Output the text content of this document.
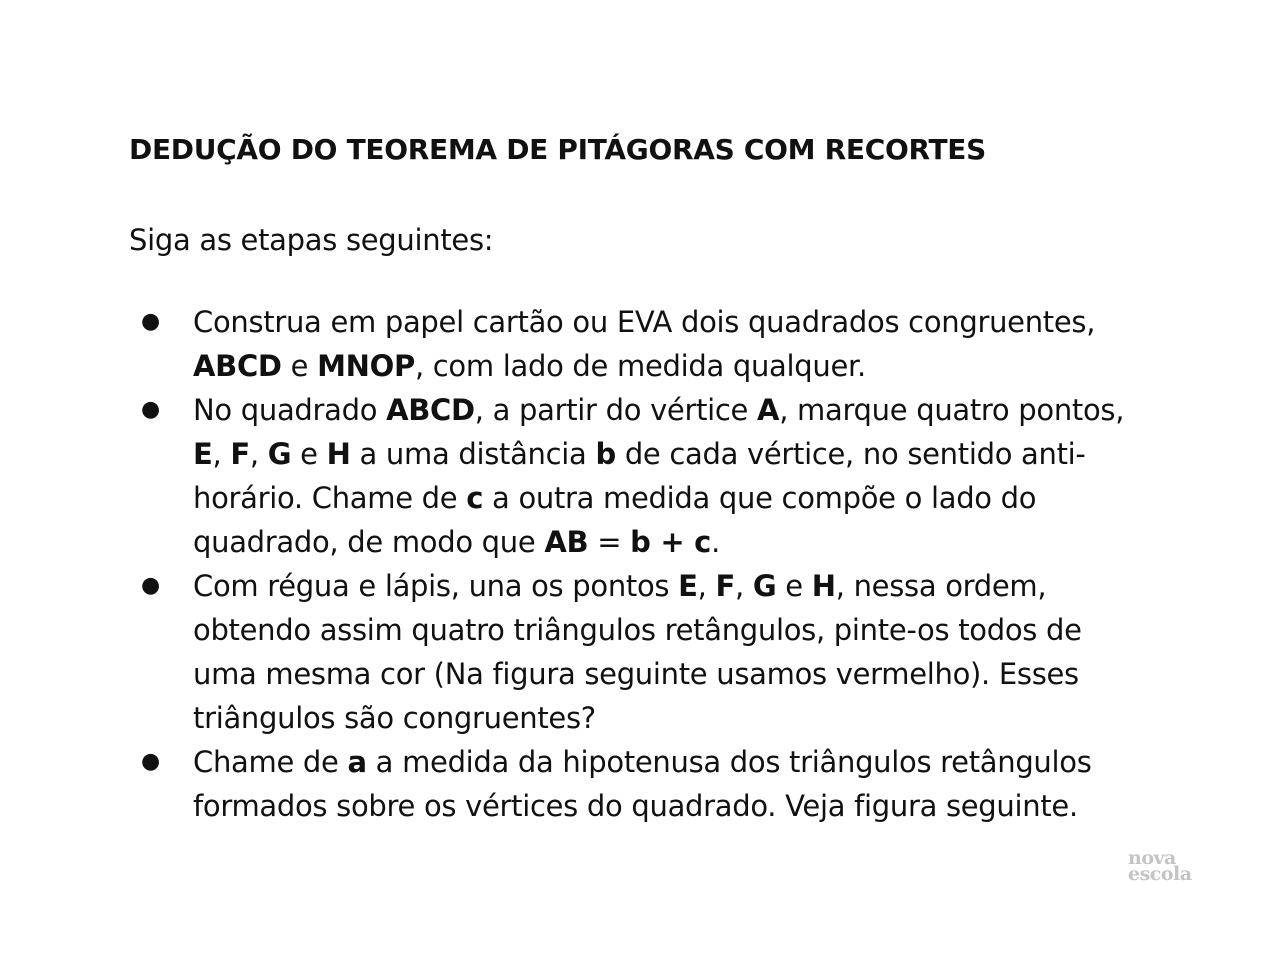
DEDUÇÃO DO TEOREMA DE PITÁGORAS COM RECORTES

Siga as etapas seguintes:

● Construa em papel cartão ou EVA dois quadrados congruentes, ABCD e MNOP, com lado de medida qualquer.
● No quadrado ABCD, a partir do vértice A, marque quatro pontos, E, F, G e H a uma distância b de cada vértice, no sentido anti-horário. Chame de c a outra medida que compõe o lado do quadrado, de modo que AB = b + c.
● Com régua e lápis, una os pontos E, F, G e H, nessa ordem, obtendo assim quatro triângulos retângulos, pinte-os todos de uma mesma cor (Na figura seguinte usamos vermelho). Esses triângulos são congruentes?
● Chame de a a medida da hipotenusa dos triângulos retângulos formados sobre os vértices do quadrado. Veja figura seguinte.
nova
escola
